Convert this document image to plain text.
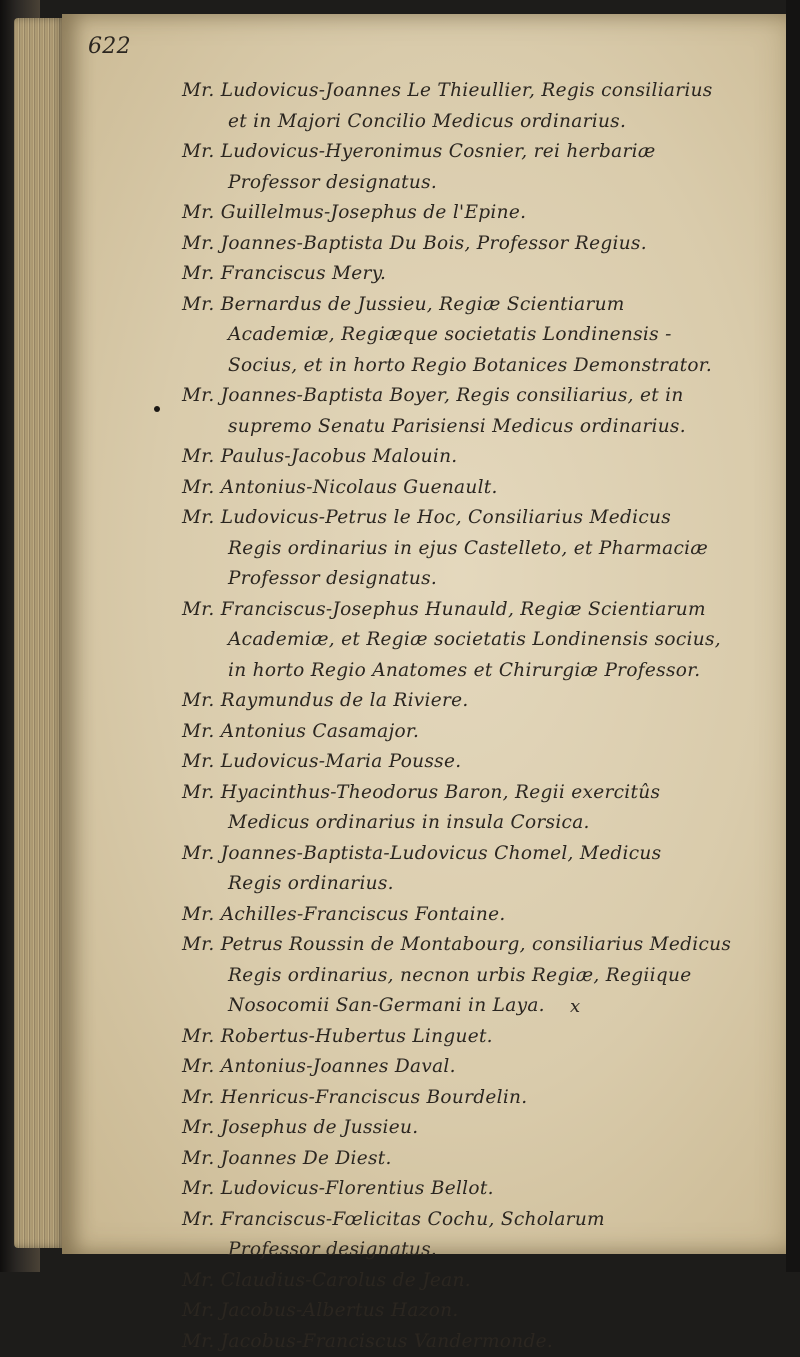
622
Mr. Ludovicus-Joannes Le Thieullier, Regis consiliarius
et in Majori Concilio Medicus ordinarius.
Mr. Ludovicus-Hyeronimus Cosnier, rei herbariæ
Professor designatus.
Mr. Guillelmus-Josephus de l'Epine.
Mr. Joannes-Baptista Du Bois, Professor Regius.
Mr. Franciscus Mery.
Mr. Bernardus de Jussieu, Regiæ Scientiarum
Academiæ, Regiæque societatis Londinensis -
Socius, et in horto Regio Botanices Demonstrator.
Mr. Joannes-Baptista Boyer, Regis consiliarius, et in
supremo Senatu Parisiensi Medicus ordinarius.
Mr. Paulus-Jacobus Malouin.
Mr. Antonius-Nicolaus Guenault.
Mr. Ludovicus-Petrus le Hoc, Consiliarius Medicus
Regis ordinarius in ejus Castelleto, et Pharmaciæ
Professor designatus.
Mr. Franciscus-Josephus Hunauld, Regiæ Scientiarum
Academiæ, et Regiæ societatis Londinensis socius,
in horto Regio Anatomes et Chirurgiæ Professor.
Mr. Raymundus de la Riviere.
Mr. Antonius Casamajor.
Mr. Ludovicus-Maria Pousse.
Mr. Hyacinthus-Theodorus Baron, Regii exercitûs
Medicus ordinarius in insula Corsica.
Mr. Joannes-Baptista-Ludovicus Chomel, Medicus
Regis ordinarius.
Mr. Achilles-Franciscus Fontaine.
Mr. Petrus Roussin de Montabourg, consiliarius Medicus
Regis ordinarius, necnon urbis Regiæ, Regiique
Nosocomii San-Germani in Laya.
Mr. Robertus-Hubertus Linguet.
Mr. Antonius-Joannes Daval.
Mr. Henricus-Franciscus Bourdelin.
Mr. Josephus de Jussieu.
Mr. Joannes De Diest.
Mr. Ludovicus-Florentius Bellot.
Mr. Franciscus-Fœlicitas Cochu, Scholarum
Professor designatus.
Mr. Claudius-Carolus de Jean.
Mr. Jacobus-Albertus Hazon.
Mr. Jacobus-Franciscus Vandermonde.
x
